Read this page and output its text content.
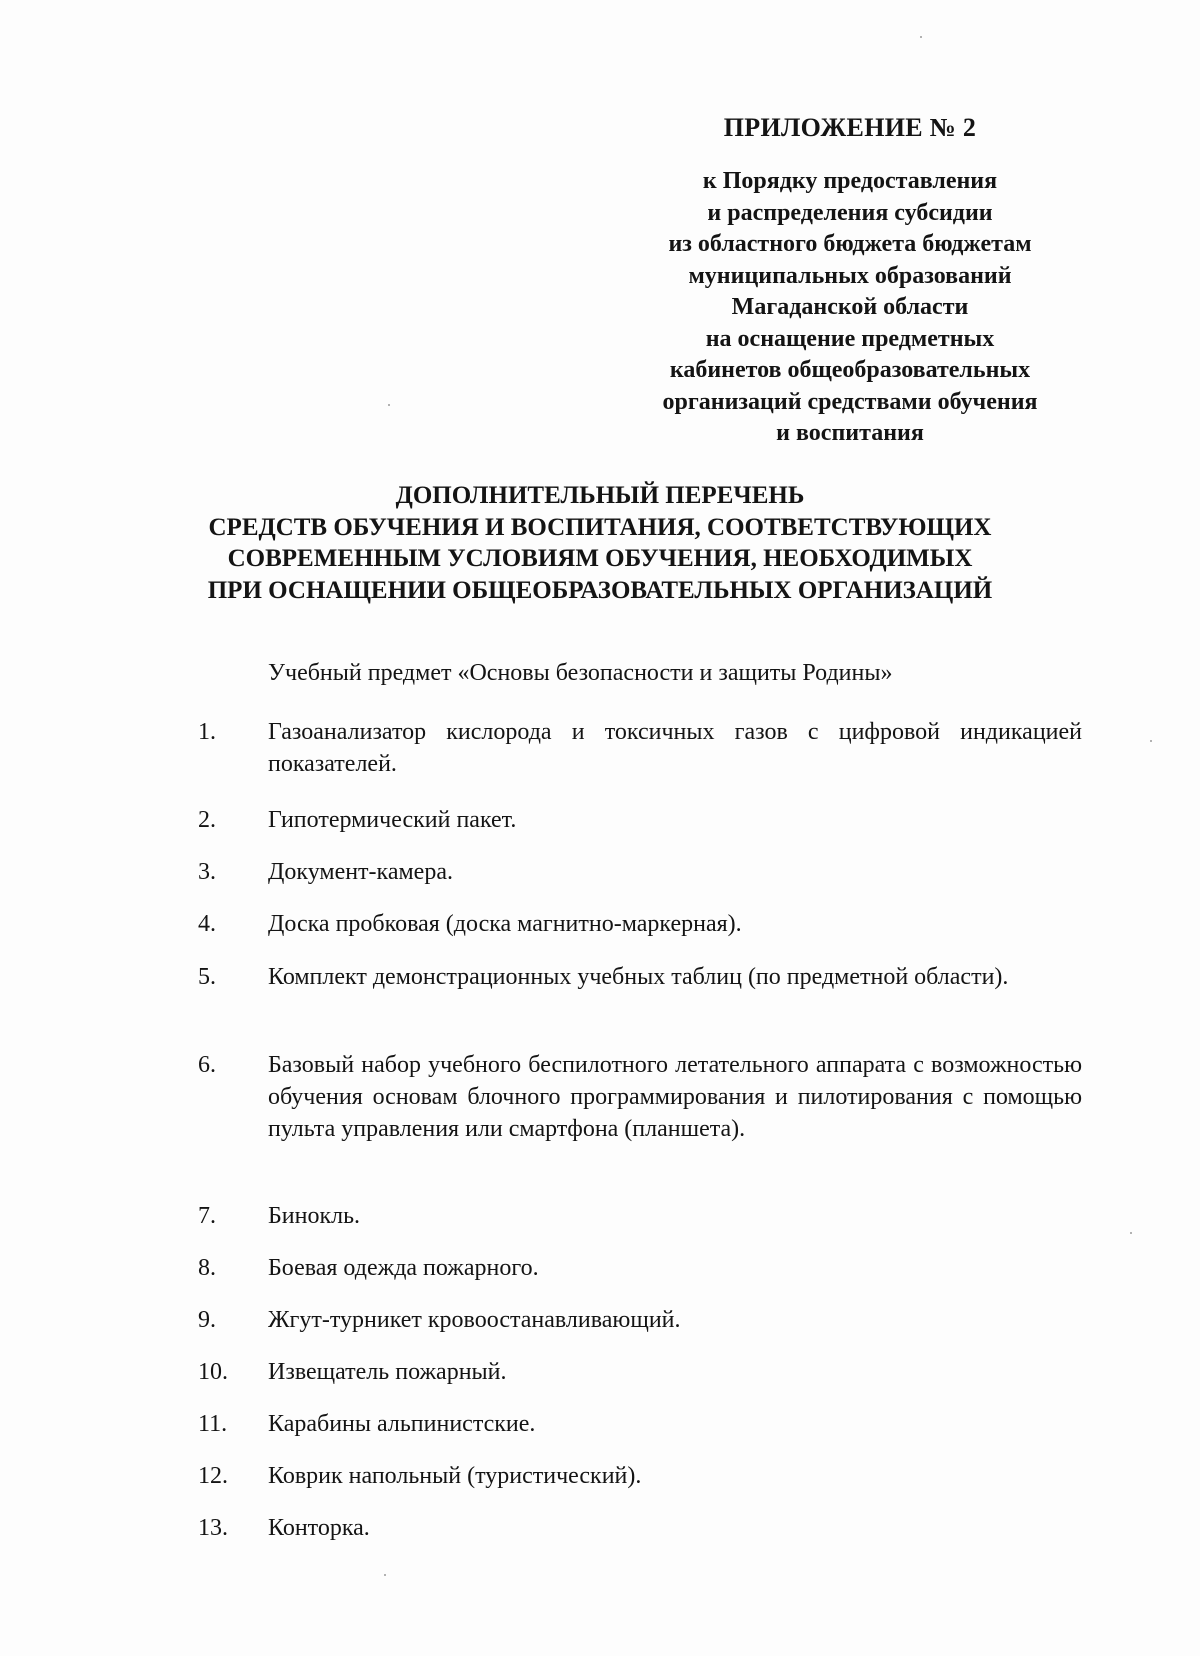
ПРИЛОЖЕНИЕ № 2
к Порядку предоставления
и распределения субсидии
из областного бюджета бюджетам
муниципальных образований
Магаданской области
на оснащение предметных
кабинетов общеобразовательных
организаций средствами обучения
и воспитания
ДОПОЛНИТЕЛЬНЫЙ ПЕРЕЧЕНЬ
СРЕДСТВ ОБУЧЕНИЯ И ВОСПИТАНИЯ, СООТВЕТСТВУЮЩИХ
СОВРЕМЕННЫМ УСЛОВИЯМ ОБУЧЕНИЯ, НЕОБХОДИМЫХ
ПРИ ОСНАЩЕНИИ ОБЩЕОБРАЗОВАТЕЛЬНЫХ ОРГАНИЗАЦИЙ
Учебный предмет «Основы безопасности и защиты Родины»
1.	Газоанализатор кислорода и токсичных газов с цифровой индикацией показателей.
2.	Гипотермический пакет.
3.	Документ-камера.
4.	Доска пробковая (доска магнитно-маркерная).
5.	Комплект демонстрационных учебных таблиц (по предметной области).
6.	Базовый набор учебного беспилотного летательного аппарата с возможностью обучения основам блочного программирования и пилотирования с помощью пульта управления или смартфона (планшета).
7.	Бинокль.
8.	Боевая одежда пожарного.
9.	Жгут-турникет кровоостанавливающий.
10.	Извещатель пожарный.
11.	Карабины альпинистские.
12.	Коврик напольный (туристический).
13.	Конторка.
